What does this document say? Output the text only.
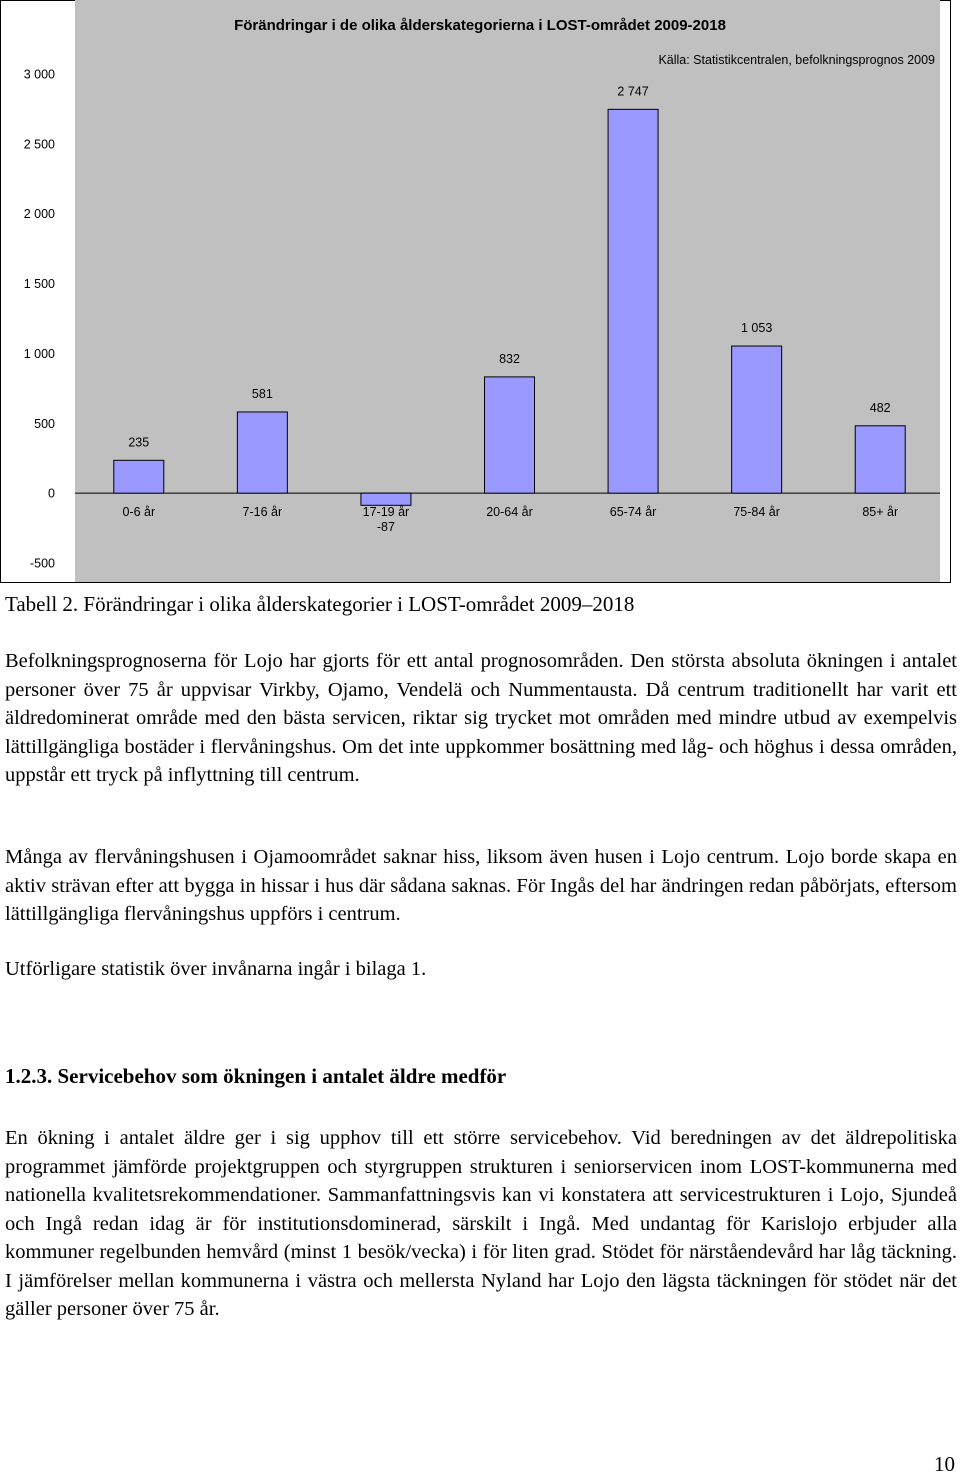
Förändringar i de olika ålderskategorierna i LOST-området 2009-2018
Källa: Statistikcentralen, befolkningsprognos 2009
-500
0
500
1 000
1 500
2 000
2 500
3 000
235
581
-87
832
2 747
1 053
482
0-6 år	7-16 år	17-19 år	20-64 år	65-74 år	75-84 år	85+ år
Tabell 2. Förändringar i olika ålderskategorier i LOST-området 2009–2018

Befolkningsprognoserna för Lojo har gjorts för ett antal prognosområden. Den största absoluta ökningen i antalet personer över 75 år uppvisar Virkby, Ojamo, Vendelä och Nummentausta. Då centrum traditionellt har varit ett äldredominerat område med den bästa servicen, riktar sig trycket mot områden med mindre utbud av exempelvis lättillgängliga bostäder i flervåningshus. Om det inte uppkommer bosättning med låg- och höghus i dessa områden, uppstår ett tryck på inflyttning till centrum.

Många av flervåningshusen i Ojamoområdet saknar hiss, liksom även husen i Lojo centrum. Lojo borde skapa en aktiv strävan efter att bygga in hissar i hus där sådana saknas. För Ingås del har ändringen redan påbörjats, eftersom lättillgängliga flervåningshus uppförs i centrum.

Utförligare statistik över invånarna ingår i bilaga 1.

1.2.3. Servicebehov som ökningen i antalet äldre medför

En ökning i antalet äldre ger i sig upphov till ett större servicebehov. Vid beredningen av det äldrepolitiska programmet jämförde projektgruppen och styrgruppen strukturen i seniorservicen inom LOST-kommunerna med nationella kvalitetsrekommendationer. Sammanfattningsvis kan vi konstatera att servicestrukturen i Lojo, Sjundeå och Ingå redan idag är för institutionsdominerad, särskilt i Ingå. Med undantag för Karislojo erbjuder alla kommuner regelbunden hemvård (minst 1 besök/vecka) i för liten grad. Stödet för närståendevård har låg täckning. I jämförelser mellan kommunerna i västra och mellersta Nyland har Lojo den lägsta täckningen för stödet när det gäller personer över 75 år.

10
